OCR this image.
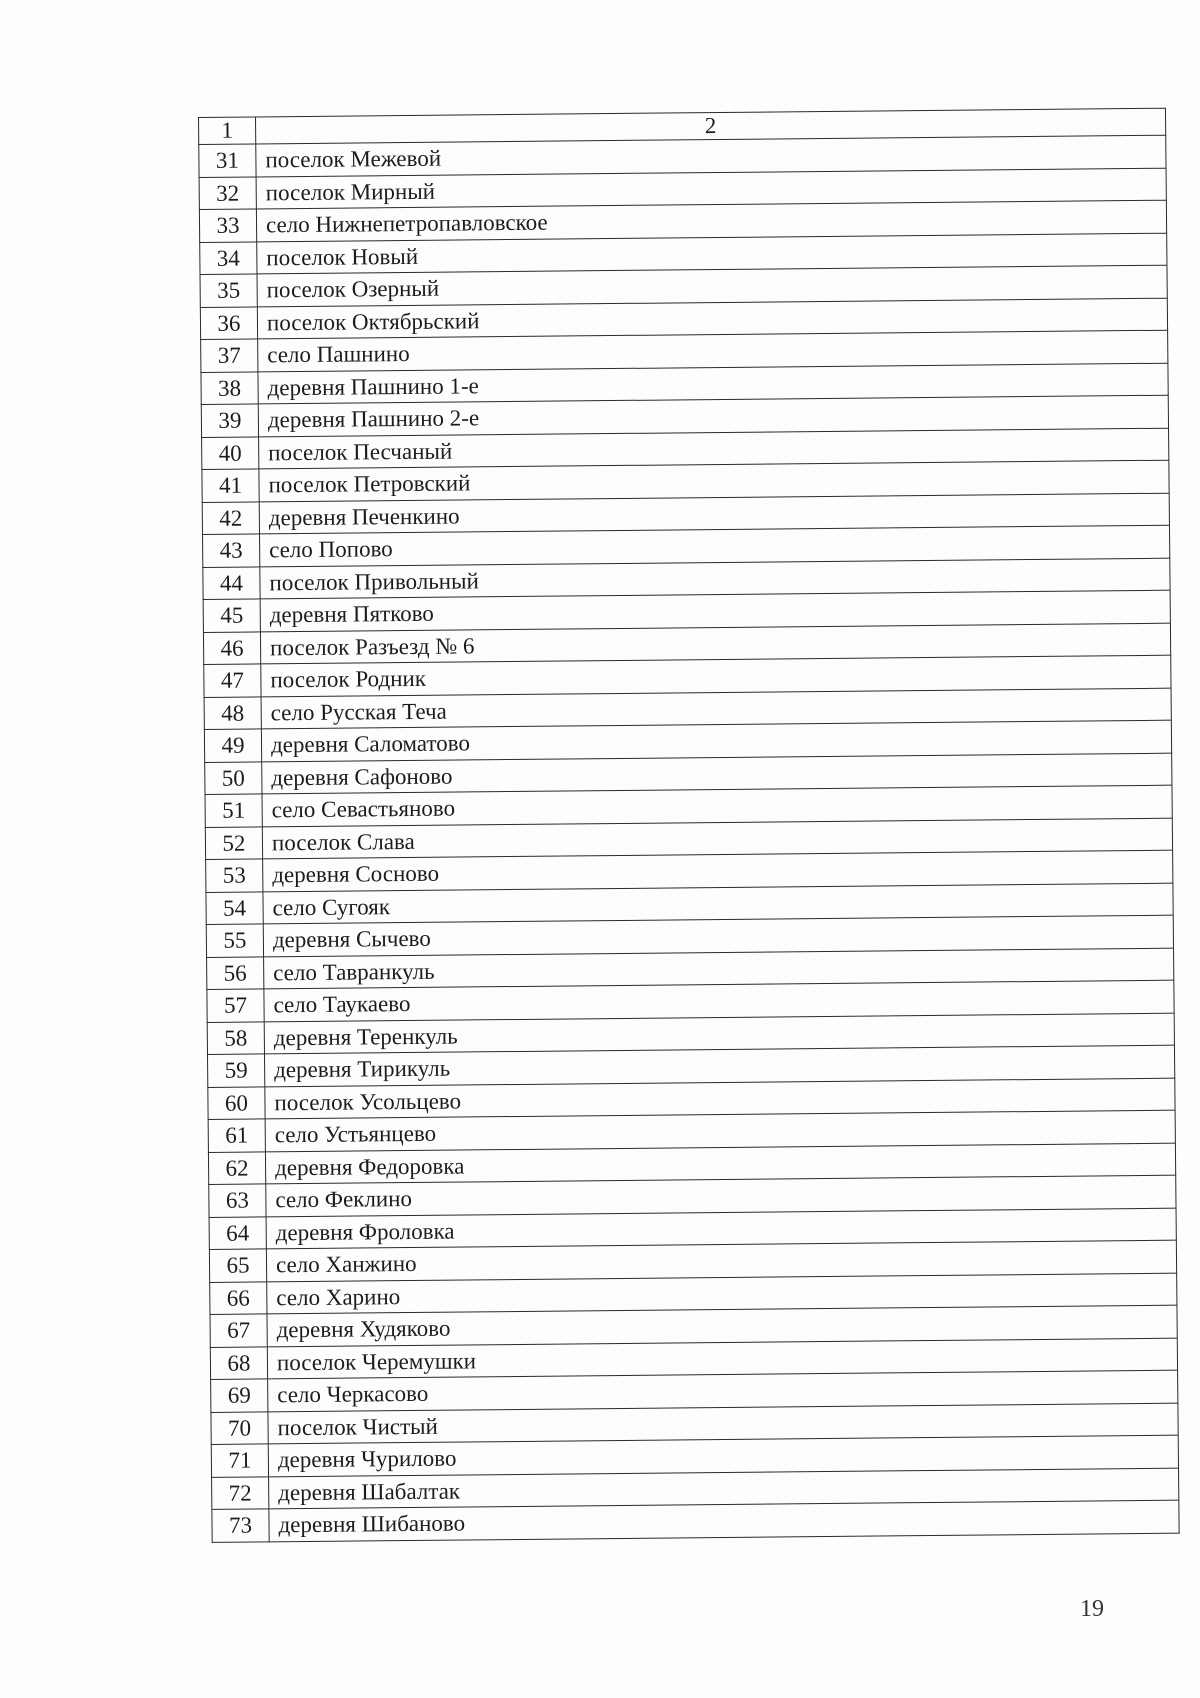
1	2
31	поселок Межевой
32	поселок Мирный
33	село Нижнепетропавловское
34	поселок Новый
35	поселок Озерный
36	поселок Октябрьский
37	село Пашнино
38	деревня Пашнино 1-е
39	деревня Пашнино 2-е
40	поселок Песчаный
41	поселок Петровский
42	деревня Печенкино
43	село Попово
44	поселок Привольный
45	деревня Пятково
46	поселок Разъезд № 6
47	поселок Родник
48	село Русская Теча
49	деревня Саломатово
50	деревня Сафоново
51	село Севастьяново
52	поселок Слава
53	деревня Сосново
54	село Сугояк
55	деревня Сычево
56	село Тавранкуль
57	село Таукаево
58	деревня Теренкуль
59	деревня Тирикуль
60	поселок Усольцево
61	село Устьянцево
62	деревня Федоровка
63	село Феклино
64	деревня Фроловка
65	село Ханжино
66	село Харино
67	деревня Худяково
68	поселок Черемушки
69	село Черкасово
70	поселок Чистый
71	деревня Чурилово
72	деревня Шабалтак
73	деревня Шибаново
19
